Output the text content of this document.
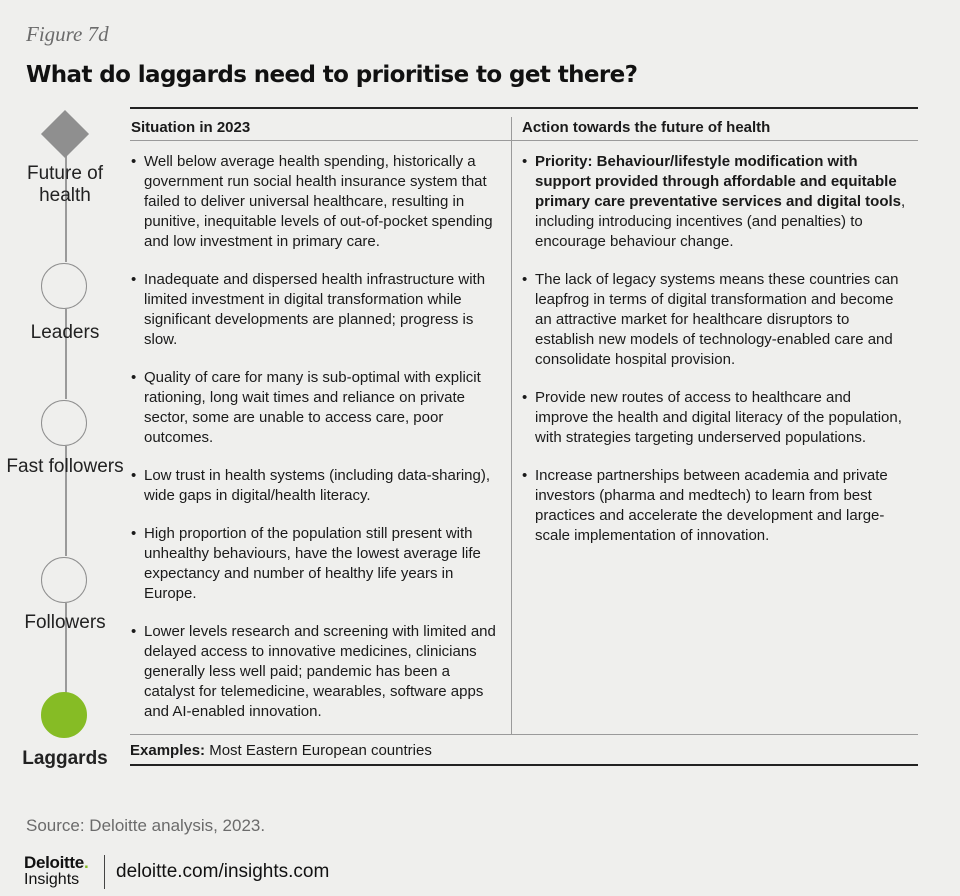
Figure 7d
What do laggards need to prioritise to get there?
Future of health
Leaders
Fast followers
Followers
Laggards
Situation in 2023	Action towards the future of health
• Well below average health spending, historically a government run social health insurance system that failed to deliver universal healthcare, resulting in punitive, inequitable levels of out-of-pocket spending and low investment in primary care.
• Inadequate and dispersed health infrastructure with limited investment in digital transformation while significant developments are planned; progress is slow.
• Quality of care for many is sub-optimal with explicit rationing, long wait times and reliance on private sector, some are unable to access care, poor outcomes.
• Low trust in health systems (including data-sharing), wide gaps in digital/health literacy.
• High proportion of the population still present with unhealthy behaviours, have the lowest average life expectancy and number of healthy life years in Europe.
• Lower levels research and screening with limited and delayed access to innovative medicines, clinicians generally less well paid; pandemic has been a catalyst for telemedicine, wearables, software apps and AI-enabled innovation.
• Priority: Behaviour/lifestyle modification with support provided through affordable and equitable primary care preventative services and digital tools, including introducing incentives (and penalties) to encourage behaviour change.
• The lack of legacy systems means these countries can leapfrog in terms of digital transformation and become an attractive market for healthcare disruptors to establish new models of technology-enabled care and consolidate hospital provision.
• Provide new routes of access to healthcare and improve the health and digital literacy of the population, with strategies targeting underserved populations.
• Increase partnerships between academia and private investors (pharma and medtech) to learn from best practices and accelerate the development and large-scale implementation of innovation.
Examples: Most Eastern European countries
Source: Deloitte analysis, 2023.
Deloitte.
Insights	deloitte.com/insights.com
